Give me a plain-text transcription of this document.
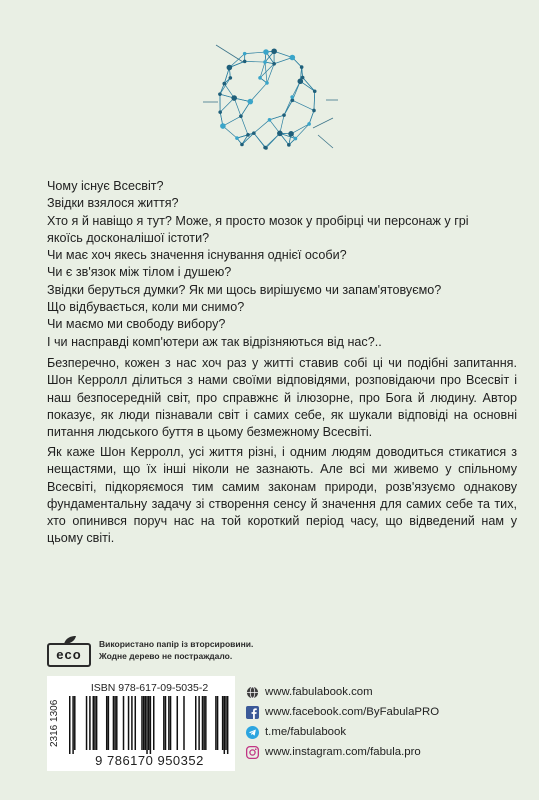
Чому існує Всесвіт?
Звідки взялося життя?
Хто я й навіщо я тут? Може, я просто мозок у пробірці чи персонаж у грі
якоїсь досконалішої істоти?
Чи має хоч якесь значення існування однієї особи?
Чи є зв'язок між тілом і душею?
Звідки беруться думки? Як ми щось вирішуємо чи запам'ятовуємо?
Що відбувається, коли ми снимо?
Чи маємо ми свободу вибору?
І чи насправді комп'ютери аж так відрізняються від нас?..

Безперечно, кожен з нас хоч раз у житті ставив собі ці чи подібні запитання. Шон Керролл ділиться з нами своїми відповідями, розповідаючи про Всесвіт і наш безпосередній світ, про справжнє й ілюзорне, про Бога й людину. Автор показує, як люди пізнавали світ і самих себе, як шукали відповіді на основні питання людського буття в цьому безмежному Всесвіті.

Як каже Шон Керролл, усі життя різні, і одним людям доводиться стикатися з нещастями, що їх інші ніколи не зазнають. Але всі ми живемо у спільному Всесвіті, підкоряємося тим самим законам природи, розв'язуємо однакову фундаментальну задачу зі створення сенсу й значення для самих себе та тих, хто опинився поруч нас на той короткий період часу, що відведений нам у цьому світі.

eco
Використано папір із вторсировини.
Жодне дерево не постраждало.
2316 1306
ISBN 978-617-09-5035-2
9 786170 950352
www.fabulabook.com
www.facebook.com/ByFabulaPRO
t.me/fabulabook
www.instagram.com/fabula.pro
